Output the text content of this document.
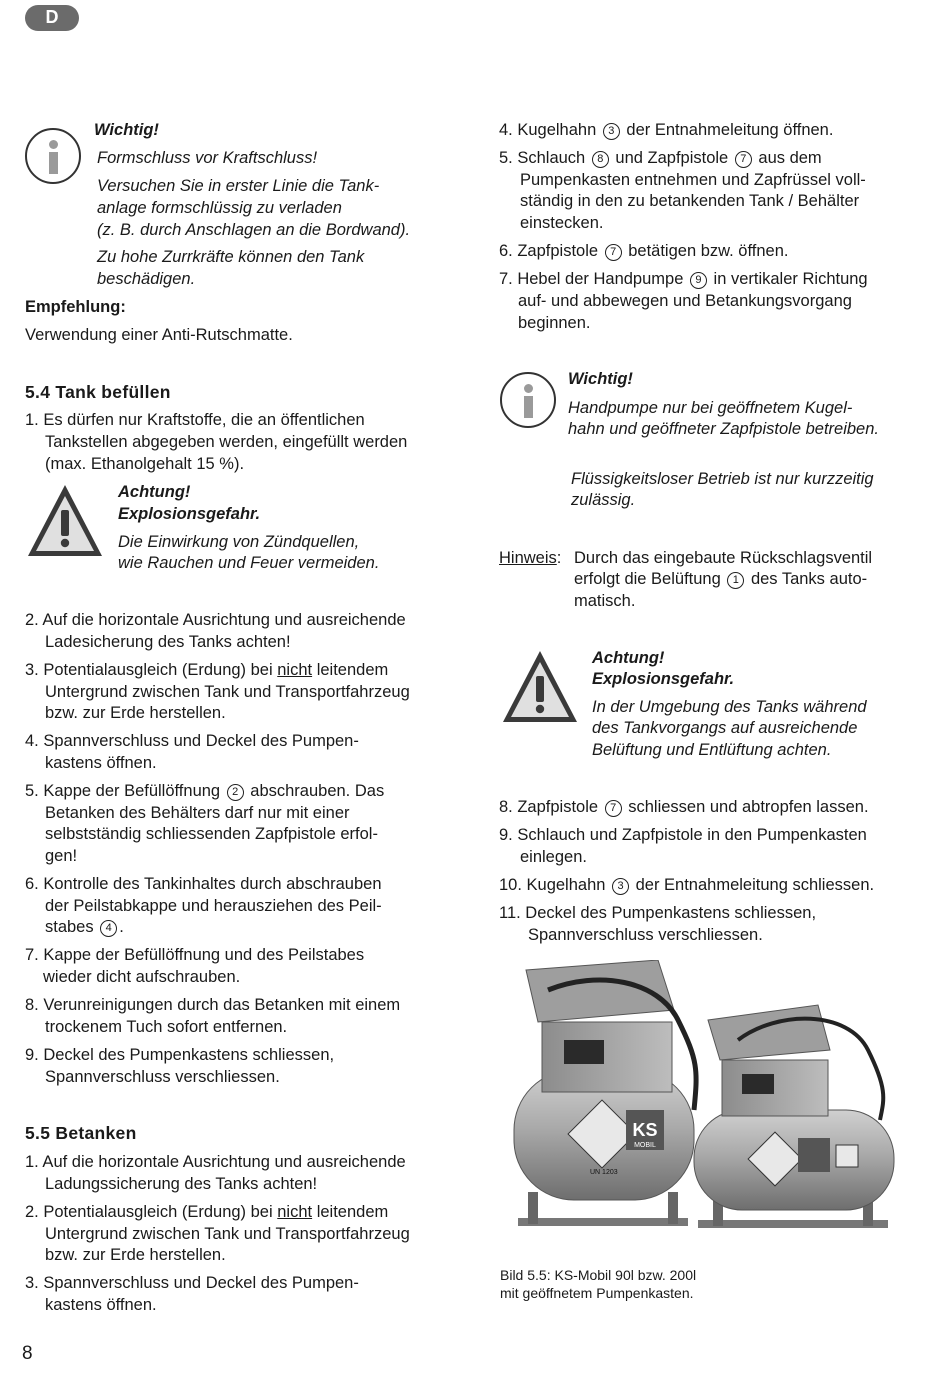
D
Wichtig!
Formschluss vor Kraftschluss!
Versuchen Sie in erster Linie die Tank-
anlage formschlüssig zu verladen
(z. B. durch Anschlagen an die Bordwand).
Zu hohe Zurrkräfte können den Tank
beschädigen.
Empfehlung:
Verwendung einer Anti-Rutschmatte.
5.4 Tank befüllen
1. Es dürfen nur Kraftstoffe, die an öffentlichen
Tankstellen abgegeben werden, eingefüllt werden
(max. Ethanolgehalt 15 %).
Achtung!
Explosionsgefahr.
Die Einwirkung von Zündquellen,
wie Rauchen und Feuer vermeiden.
2. Auf die horizontale Ausrichtung und ausreichende
Ladesicherung des Tanks achten!
3. Potentialausgleich (Erdung) bei nicht leitendem
Untergrund zwischen Tank und Transportfahrzeug
bzw. zur Erde herstellen.
4. Spannverschluss und Deckel des Pumpen-
kastens öffnen.
5. Kappe der Befüllöffnung 2 abschrauben. Das
Betanken des Behälters darf nur mit einer
selbstständig schliessenden Zapfpistole erfol-
gen!
6. Kontrolle des Tankinhaltes durch abschrauben
der Peilstabkappe und herausziehen des Peil-
stabes 4 .
7. Kappe der Befüllöffnung und des Peilstabes
wieder dicht aufschrauben.
8. Verunreinigungen durch das Betanken mit einem
trockenem Tuch sofort entfernen.
9. Deckel des Pumpenkastens schliessen,
Spannverschluss verschliessen.
5.5 Betanken
1. Auf die horizontale Ausrichtung und ausreichende
Ladungssicherung des Tanks achten!
2. Potentialausgleich (Erdung) bei nicht leitendem
Untergrund zwischen Tank und Transportfahrzeug
bzw. zur Erde herstellen.
3. Spannverschluss und Deckel des Pumpen-
kastens öffnen.
8
4. Kugelhahn 3 der Entnahmeleitung öffnen.
5. Schlauch 8 und Zapfpistole 7 aus dem
Pumpenkasten entnehmen und Zapfrüssel voll-
ständig in den zu betankenden Tank / Behälter
einstecken.
6. Zapfpistole 7 betätigen bzw. öffnen.
7. Hebel der Handpumpe 9 in vertikaler Richtung
auf- und abbewegen und Betankungsvorgang
beginnen.
Wichtig!
Handpumpe nur bei geöffnetem Kugel-
hahn und geöffneter Zapfpistole betreiben.
Flüssigkeitsloser Betrieb ist nur kurzzeitig
zulässig.
Hinweis: Durch das eingebaute Rückschlagsventil
erfolgt die Belüftung 1 des Tanks auto-
matisch.
Achtung!
Explosionsgefahr.
In der Umgebung des Tanks während
des Tankvorgangs auf ausreichende
Belüftung und Entlüftung achten.
8. Zapfpistole 7 schliessen und abtropfen lassen.
9. Schlauch und Zapfpistole in den Pumpenkasten
einlegen.
10. Kugelhahn 3 der Entnahmeleitung schliessen.
11. Deckel des Pumpenkastens schliessen,
Spannverschluss verschliessen.
KS
MOBIL
UN 1203
Bild 5.5: KS-Mobil 90l bzw. 200l
mit geöffnetem Pumpenkasten.
